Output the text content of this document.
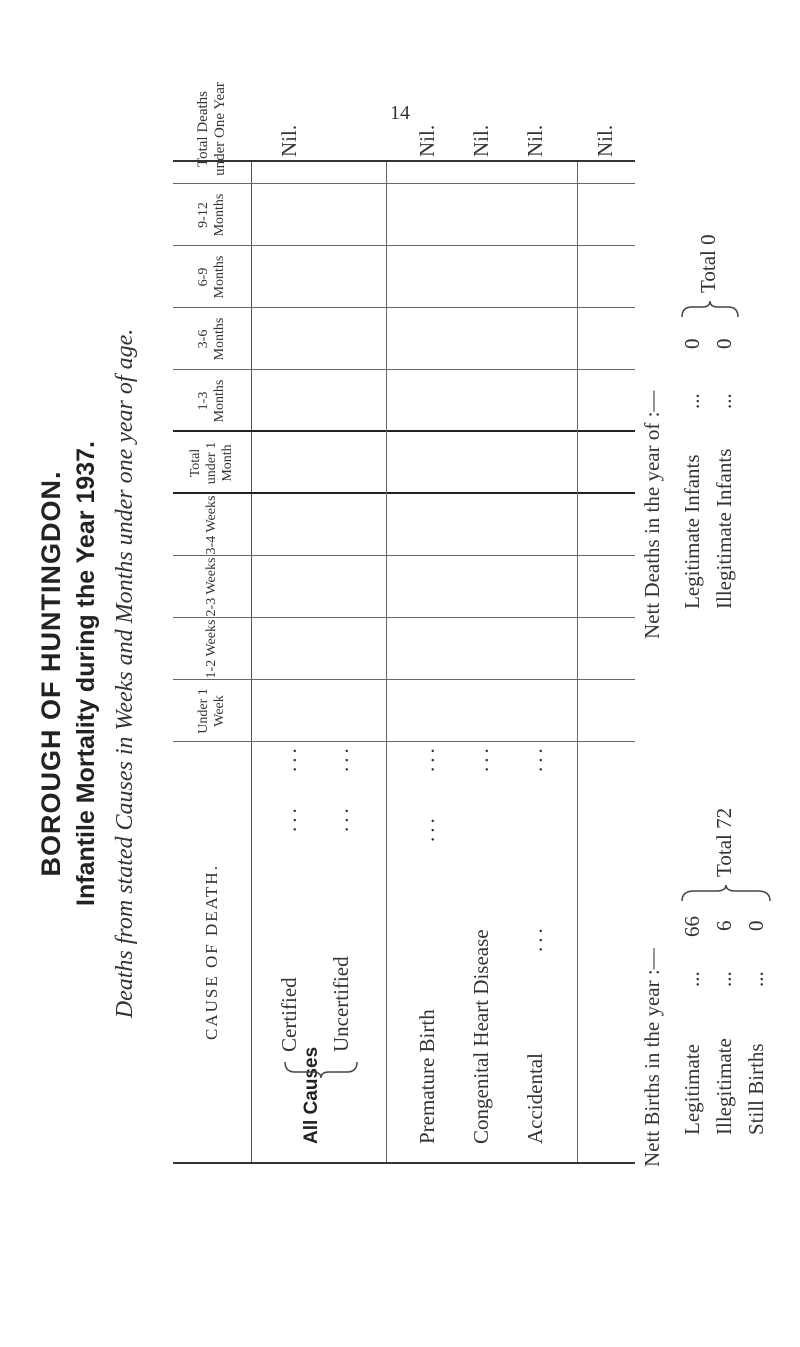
14
BOROUGH OF HUNTINGDON. Infantile Mortality during the Year 1937. Deaths from stated Causes in Weeks and Months under one year of age.	CAUSE OF DEATH.
Under 1 Week
1-2 Weeks
2-3 Weeks
3-4 Weeks
Total under 1 Month
1-3 Months
3-6 Months
6-9 Months
9-12 Months
Total Deaths under One Year
All Causes
Certified
...
...
Nil.
Uncertified
...
...
Premature Birth
...
...
Nil.
Congenital Heart Disease
...
Nil.
Accidental
...
...
Nil. Nil.
Nett Births in the year :— Legitimate
...
66
Illegitimate
...
6
Still Births
...
0
Total 72
Nett Deaths in the year of :— Legitimate Infants
...
0
Illegitimate Infants
...
0
Total 0
